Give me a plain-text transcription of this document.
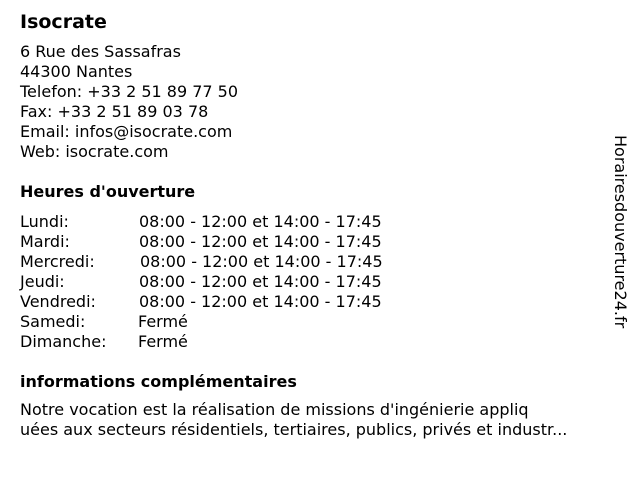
Isocrate
6 Rue des Sassafras
44300 Nantes
Telefon: +33 2 51 89 77 50
Fax: +33 2 51 89 03 78
Email: infos@isocrate.com
Web: isocrate.com
Heures d'ouverture
Lundi:	08:00 - 12:00 et 14:00 - 17:45
Mardi:	08:00 - 12:00 et 14:00 - 17:45
Mercredi:	08:00 - 12:00 et 14:00 - 17:45
Jeudi:	08:00 - 12:00 et 14:00 - 17:45
Vendredi:	08:00 - 12:00 et 14:00 - 17:45
Samedi:	Fermé
Dimanche: Fermé
informations complémentaires
Notre vocation est la réalisation de missions d'ingénierie appliq
uées aux secteurs résidentiels, tertiaires, publics, privés et industr...
Horairesdouverture24.fr
